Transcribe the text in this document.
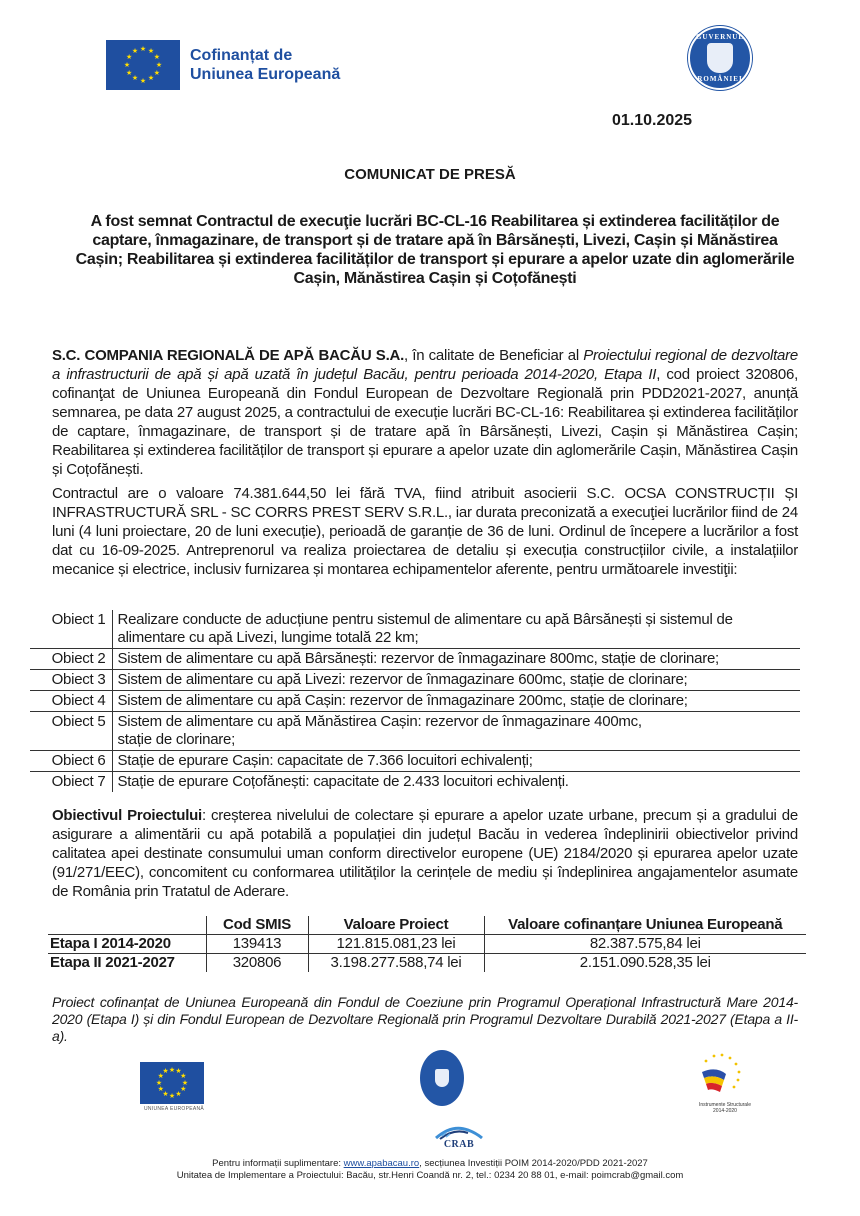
★ ★
★
★
★
★
★
★
★
★
★
★	Cofinanțat de
Uniunea Europeană
GUVERNUL
ROMÂNIEI
01.10.2025
COMUNICAT DE PRESĂ
A fost semnat Contractul de execuţie lucrări BC-CL-16 Reabilitarea și extinderea facilităților de captare, înmagazinare, de transport și de tratare apă în Bârsănești, Livezi, Cașin și Mănăstirea Cașin; Reabilitarea și extinderea facilităților de transport și epurare a apelor uzate din aglomerările Cașin, Mănăstirea Cașin și Coțofănești
S.C. COMPANIA REGIONALĂ DE APĂ BACĂU S.A., în calitate de Beneficiar al Proiectului regional de dezvoltare a infrastructurii de apă și apă uzată în județul Bacău, pentru perioada 2014-2020, Etapa II, cod proiect 320806, cofinanţat de Uniunea Europeană din Fondul European de Dezvoltare Regională prin PDD2021-2027, anunță semnarea, pe data 27 august 2025, a contractului de execuție lucrări BC-CL-16: Reabilitarea și extinderea facilităților de captare, înmagazinare, de transport și de tratare apă în Bârsănești, Livezi, Cașin și Mănăstirea Cașin; Reabilitarea și extinderea facilităților de transport și epurare a apelor uzate din aglomerările Cașin, Mănăstirea Cașin și Coțofănești.
Contractul are o valoare 74.381.644,50 lei fără TVA, fiind atribuit asocierii S.C. OCSA CONSTRUCȚII ȘI INFRASTRUCTURĂ SRL - SC CORRS PREST SERV S.R.L., iar durata preconizată a execuţiei lucrărilor fiind de 24 luni (4 luni proiectare, 20 de luni execuție), perioadă de garanție de 36 de luni. Ordinul de începere a lucrărilor a fost dat cu 16-09-2025. Antreprenorul va realiza proiectarea de detaliu și execuția construcțiilor civile, a instalațiilor mecanice și electrice, inclusiv furnizarea și montarea echipamentelor aferente, pentru următoarele investiţii:
Obiect 1	Realizare conducte de aducțiune pentru sistemul de alimentare cu apă Bârsănești și sistemul de alimentare cu apă Livezi, lungime totală 22 km;
Obiect 2	Sistem de alimentare cu apă Bârsănești: rezervor de înmagazinare 800mc, stație de clorinare;
Obiect 3	Sistem de alimentare cu apă Livezi: rezervor de înmagazinare 600mc, stație de clorinare;
Obiect 4	Sistem de alimentare cu apă Cașin: rezervor de înmagazinare 200mc, stație de clorinare;
Obiect 5	Sistem de alimentare cu apă Mănăstirea Cașin: rezervor de înmagazinare 400mc, stație de clorinare;
Obiect 6	Stație de epurare Cașin: capacitate de 7.366 locuitori echivalenți;
Obiect 7	Stație de epurare Coțofănești: capacitate de 2.433 locuitori echivalenți.
Obiectivul Proiectului: creșterea nivelului de colectare și epurare a apelor uzate urbane, precum și a gradului de asigurare a alimentării cu apă potabilă a populației din județul Bacău in vederea îndeplinirii obiectivelor privind calitatea apei destinate consumului uman conform directivelor europene (UE) 2184/2020 și epurarea apelor uzate (91/271/EEC), concomitent cu conformarea utilităților la cerințele de mediu și îndeplinirea angajamentelor asumate de România prin Tratatul de Aderare.
	Cod SMIS	Valoare Proiect	Valoare cofinanțare Uniunea Europeană
Etapa I 2014-2020	139413	121.815.081,23 lei	82.387.575,84 lei
Etapa II 2021-2027	320806	3.198.277.588,74 lei	2.151.090.528,35 lei
Proiect cofinanțat de Uniunea Europeană din Fondul de Coeziune prin Programul Operațional Infrastructură Mare 2014-2020 (Etapa I) și din Fondul European de Dezvoltare Regională prin Programul Dezvoltare Durabilă 2021-2027 (Etapa a II-a).
★ ★
★
★
★
★
★
★
★
★
★
★
UNIUNEA EUROPEANĂ
Instrumente Structurale
2014-2020
CRAB
Pentru informații suplimentare: www.apabacau.ro, secțiunea Investiții POIM 2014-2020/PDD 2021-2027
Unitatea de Implementare a Proiectului: Bacău, str.Henri Coandă nr. 2, tel.: 0234 20 88 01, e-mail: poimcrab@gmail.com
